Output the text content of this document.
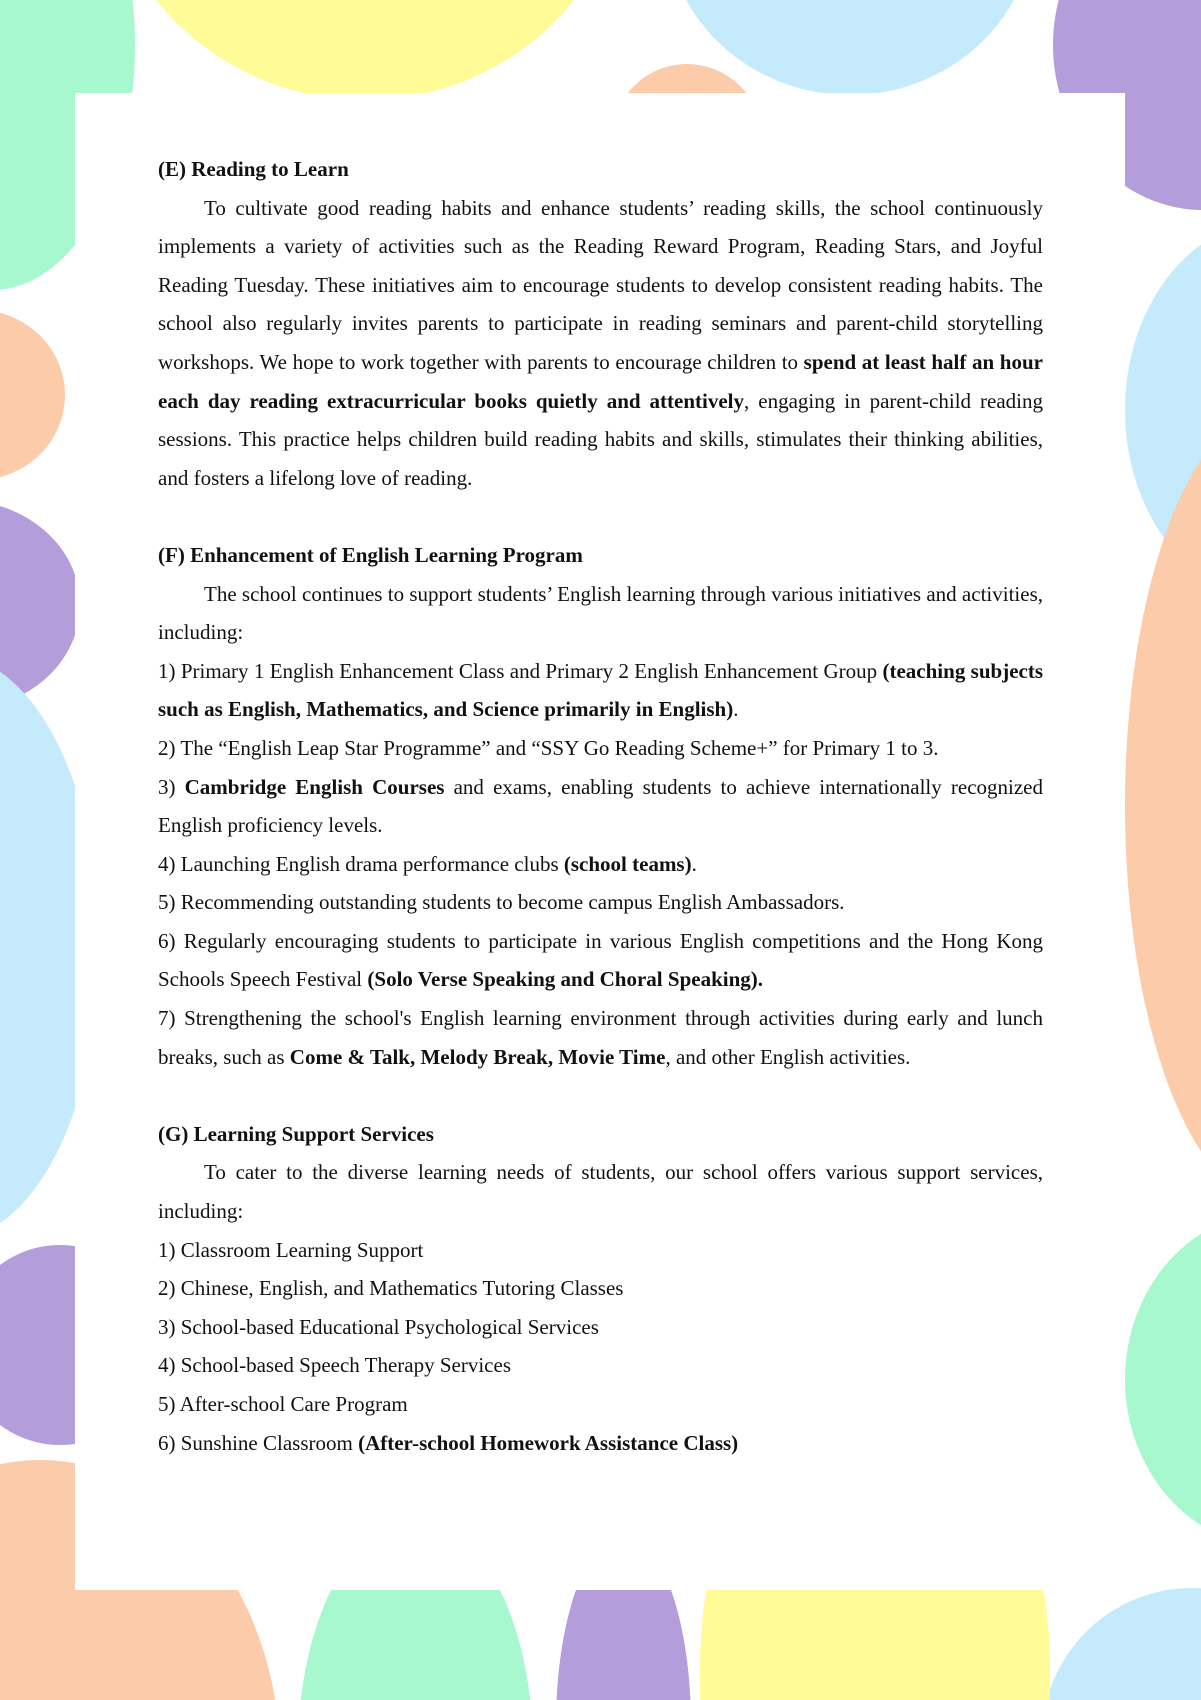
(E) Reading to Learn

To cultivate good reading habits and enhance students’ reading skills, the school continuously implements a variety of activities such as the Reading Reward Program, Reading Stars, and Joyful Reading Tuesday. These initiatives aim to encourage students to develop consistent reading habits. The school also regularly invites parents to participate in reading seminars and parent-child storytelling workshops. We hope to work together with parents to encourage children to spend at least half an hour each day reading extracurricular books quietly and attentively, engaging in parent-child reading sessions. This practice helps children build reading habits and skills, stimulates their thinking abilities, and fosters a lifelong love of reading.

(F) Enhancement of English Learning Program

The school continues to support students’ English learning through various initiatives and activities, including:

1) Primary 1 English Enhancement Class and Primary 2 English Enhancement Group (teaching subjects such as English, Mathematics, and Science primarily in English).

2) The “English Leap Star Programme” and “SSY Go Reading Scheme+” for Primary 1 to 3.

3) Cambridge English Courses and exams, enabling students to achieve internationally recognized English proficiency levels.

4) Launching English drama performance clubs (school teams).

5) Recommending outstanding students to become campus English Ambassadors.

6) Regularly encouraging students to participate in various English competitions and the Hong Kong Schools Speech Festival (Solo Verse Speaking and Choral Speaking).

7) Strengthening the school's English learning environment through activities during early and lunch breaks, such as Come & Talk, Melody Break, Movie Time, and other English activities.

(G) Learning Support Services

To cater to the diverse learning needs of students, our school offers various support services, including:

1) Classroom Learning Support

2) Chinese, English, and Mathematics Tutoring Classes

3) School-based Educational Psychological Services

4) School-based Speech Therapy Services

5) After-school Care Program

6) Sunshine Classroom (After-school Homework Assistance Class)
